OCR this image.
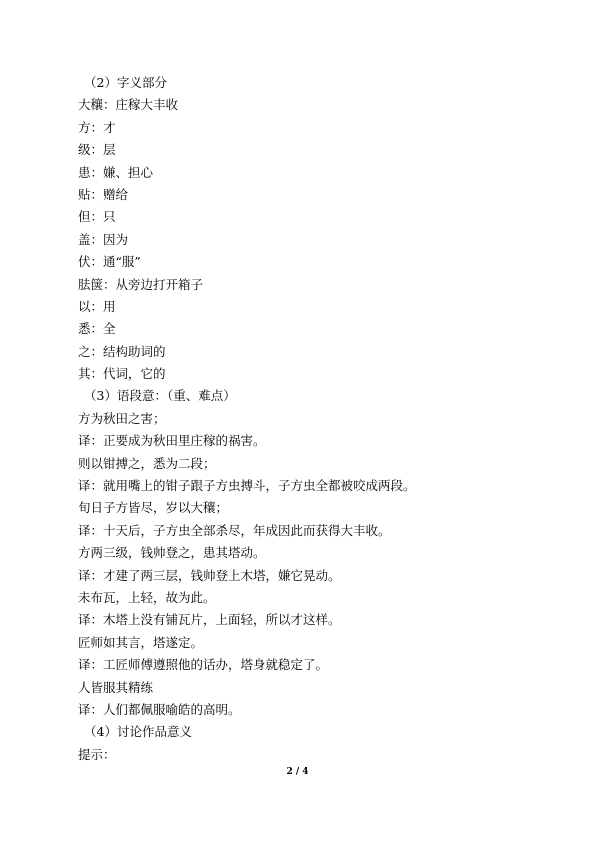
（2）字义部分
大穰：庄稼大丰收
方：才
级：层
患：嫌、担心
贴：赠给
但：只
盖：因为
伏：通“服”
胠箧：从旁边打开箱子
以：用
悉：全
之：结构助词的
其：代词，它的
（3）语段意：（重、难点）
方为秋田之害；
译：正要成为秋田里庄稼的祸害。
则以钳搏之，悉为二段；
译：就用嘴上的钳子跟子方虫搏斗，子方虫全都被咬成两段。
旬日子方皆尽，岁以大穰；
译：十天后，子方虫全部杀尽，年成因此而获得大丰收。
方两三级，钱帅登之，患其塔动。
译：才建了两三层，钱帅登上木塔，嫌它晃动。
未布瓦，上轻，故为此。
译：木塔上没有铺瓦片，上面轻，所以才这样。
匠师如其言，塔遂定。
译：工匠师傅遵照他的话办，塔身就稳定了。
人皆服其精练
译：人们都佩服喻皓的高明。
（4）讨论作品意义
提示：
2 / 4
